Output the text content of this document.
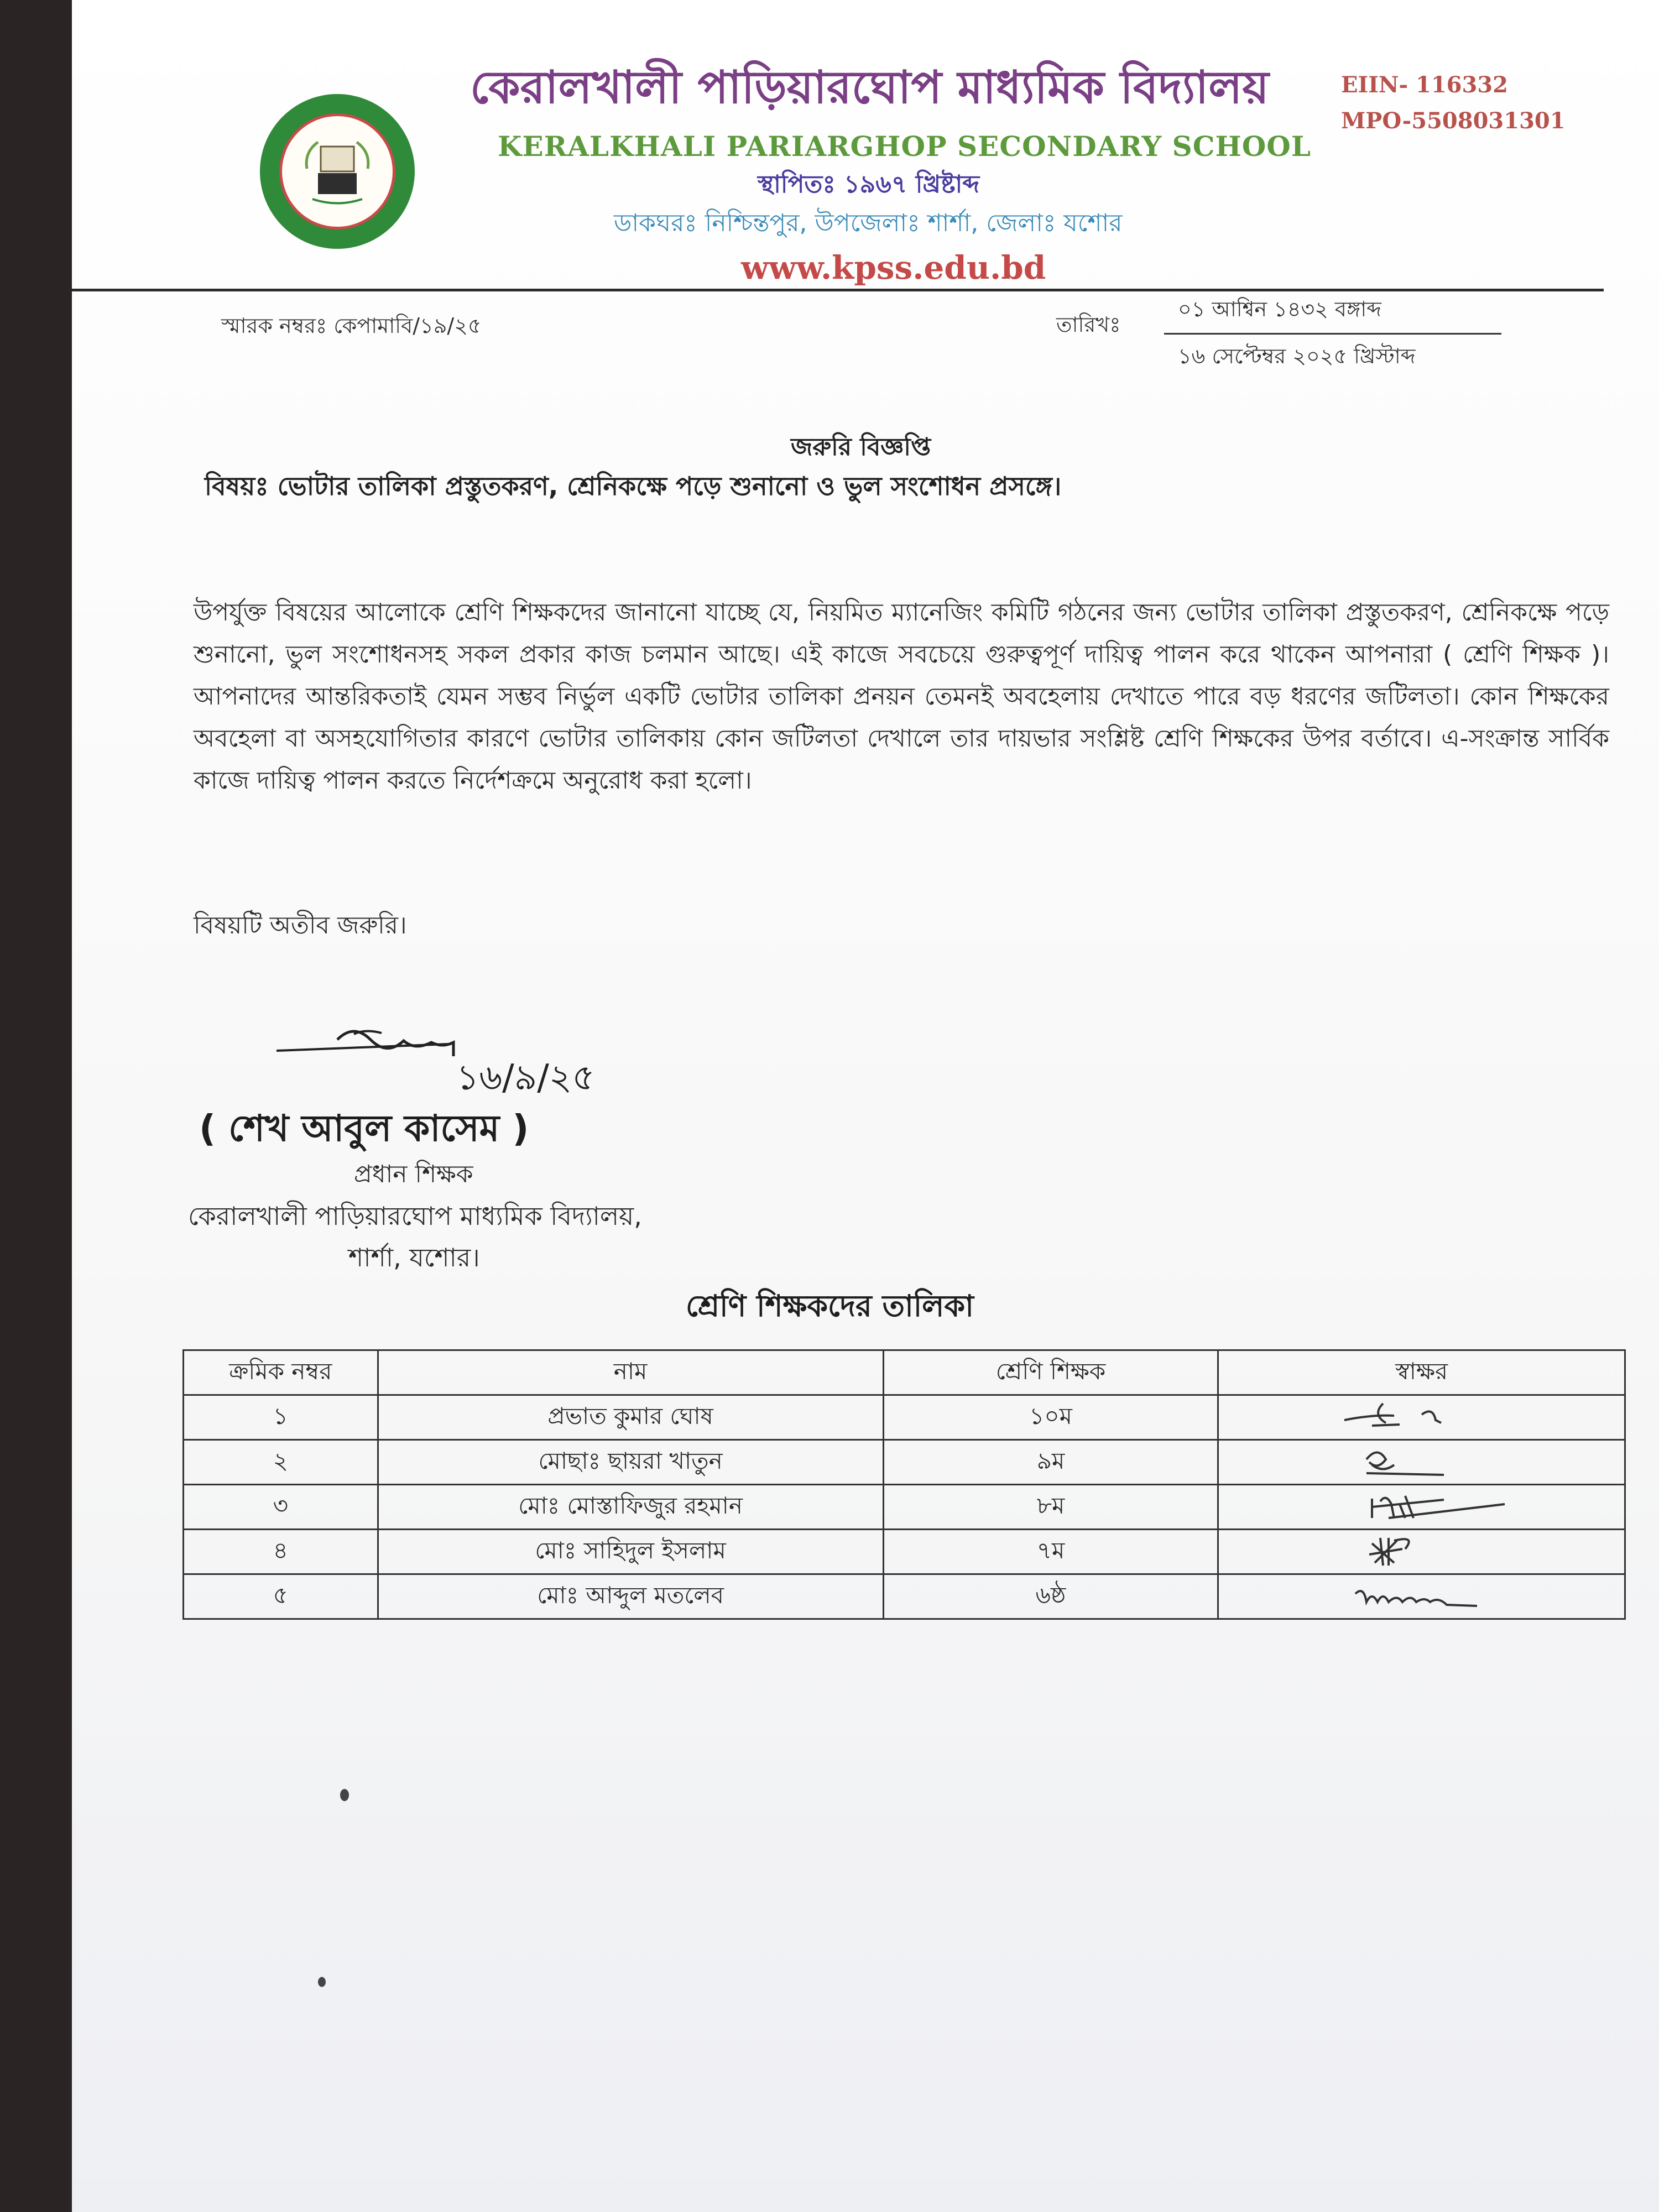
কেরালখালী পাড়িয়ারঘোপ মাধ্যমিক বিদ্যালয়
KERALKHALI PARIARGHOP SECONDARY SCHOOL
স্থাপিতঃ ১৯৬৭ খ্রিষ্টাব্দ
ডাকঘরঃ নিশ্চিন্তপুর, উপজেলাঃ শার্শা, জেলাঃ যশোর
www.kpss.edu.bd
EIIN- 116332
MPO-5508031301
স্মারক নম্বরঃ কেপামাবি/১৯/২৫	তারিখঃ
০১ আশ্বিন ১৪৩২ বঙ্গাব্দ
১৬ সেপ্টেম্বর ২০২৫ খ্রিস্টাব্দ
জরুরি বিজ্ঞপ্তি
বিষয়ঃ ভোটার তালিকা প্রস্তুতকরণ, শ্রেনিকক্ষে পড়ে শুনানো ও ভুল সংশোধন প্রসঙ্গে।
উপর্যুক্ত বিষয়ের আলোকে শ্রেণি শিক্ষকদের জানানো যাচ্ছে যে, নিয়মিত ম্যানেজিং কমিটি গঠনের জন্য ভোটার তালিকা প্রস্তুতকরণ, শ্রেনিকক্ষে পড়ে শুনানো, ভুল সংশোধনসহ সকল প্রকার কাজ চলমান আছে। এই কাজে সবচেয়ে গুরুত্বপূর্ণ দায়িত্ব পালন করে থাকেন আপনারা ( শ্রেণি শিক্ষক )। আপনাদের আন্তরিকতাই যেমন সম্ভব নির্ভুল একটি ভোটার তালিকা প্রনয়ন তেমনই অবহেলায় দেখাতে পারে বড় ধরণের জটিলতা। কোন শিক্ষকের অবহেলা বা অসহযোগিতার কারণে ভোটার তালিকায় কোন জটিলতা দেখালে তার দায়ভার সংশ্লিষ্ট শ্রেণি শিক্ষকের উপর বর্তাবে। এ-সংক্রান্ত সার্বিক কাজে দায়িত্ব পালন করতে নির্দেশক্রমে অনুরোধ করা হলো।
বিষয়টি অতীব জরুরি।
১৬/৯/২৫
( শেখ আবুল কাসেম )
প্রধান শিক্ষক
কেরালখালী পাড়িয়ারঘোপ মাধ্যমিক বিদ্যালয়,
শার্শা, যশোর।
শ্রেণি শিক্ষকদের তালিকা
ক্রমিক নম্বর	নাম	শ্রেণি শিক্ষক	স্বাক্ষর
১	প্রভাত কুমার ঘোষ	১০ম	

২	মোছাঃ ছায়রা খাতুন	৯ম	

৩	মোঃ মোস্তাফিজুর রহমান	৮ম	

৪	মোঃ সাহিদুল ইসলাম	৭ম	

৫	মোঃ আব্দুল মতলেব	৬ষ্ঠ	
